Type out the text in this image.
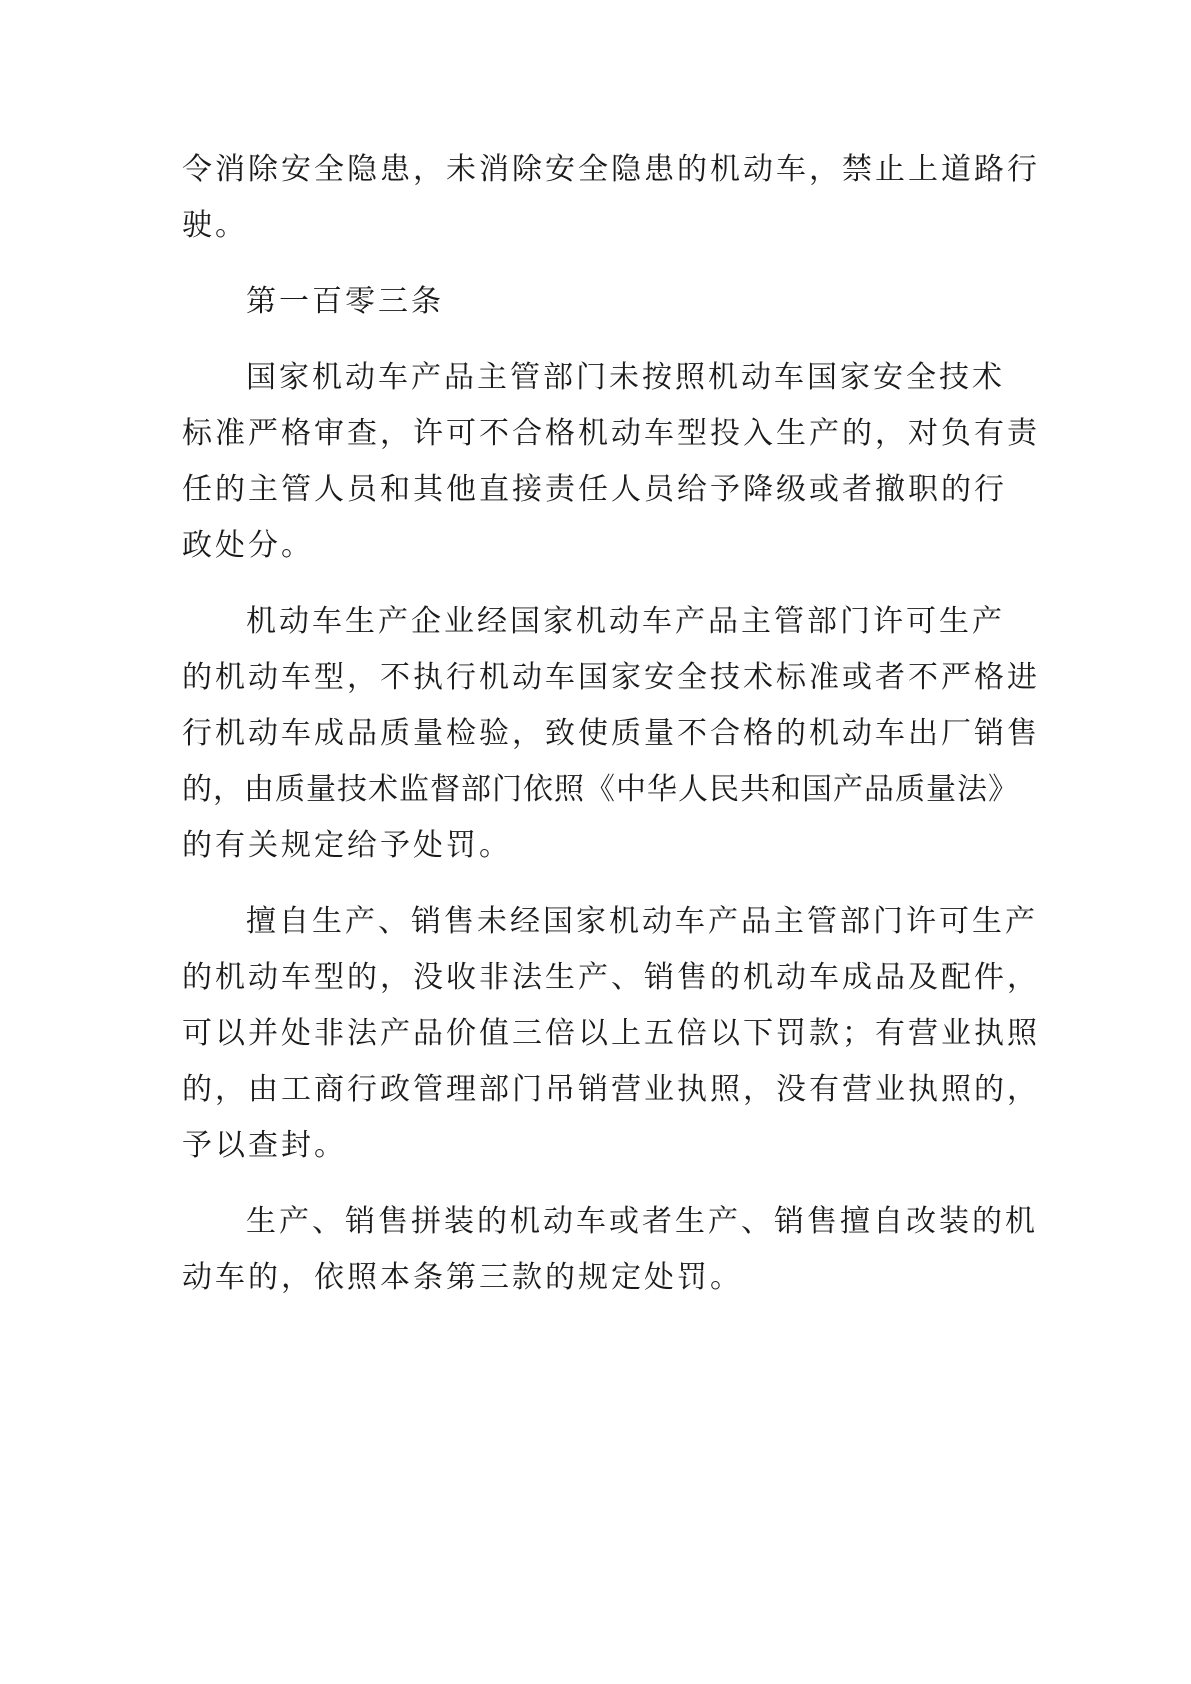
令消除安全隐患，未消除安全隐患的机动车，禁止上道路行
驶。
第一百零三条
国家机动车产品主管部门未按照机动车国家安全技术
标准严格审查，许可不合格机动车型投入生产的，对负有责
任的主管人员和其他直接责任人员给予降级或者撤职的行
政处分。
机动车生产企业经国家机动车产品主管部门许可生产
的机动车型，不执行机动车国家安全技术标准或者不严格进
行机动车成品质量检验，致使质量不合格的机动车出厂销售
的，由质量技术监督部门依照《中华人民共和国产品质量法》
的有关规定给予处罚。
擅自生产、销售未经国家机动车产品主管部门许可生产
的机动车型的，没收非法生产、销售的机动车成品及配件，
可以并处非法产品价值三倍以上五倍以下罚款；有营业执照
的，由工商行政管理部门吊销营业执照，没有营业执照的，
予以查封。
生产、销售拼装的机动车或者生产、销售擅自改装的机
动车的，依照本条第三款的规定处罚。
